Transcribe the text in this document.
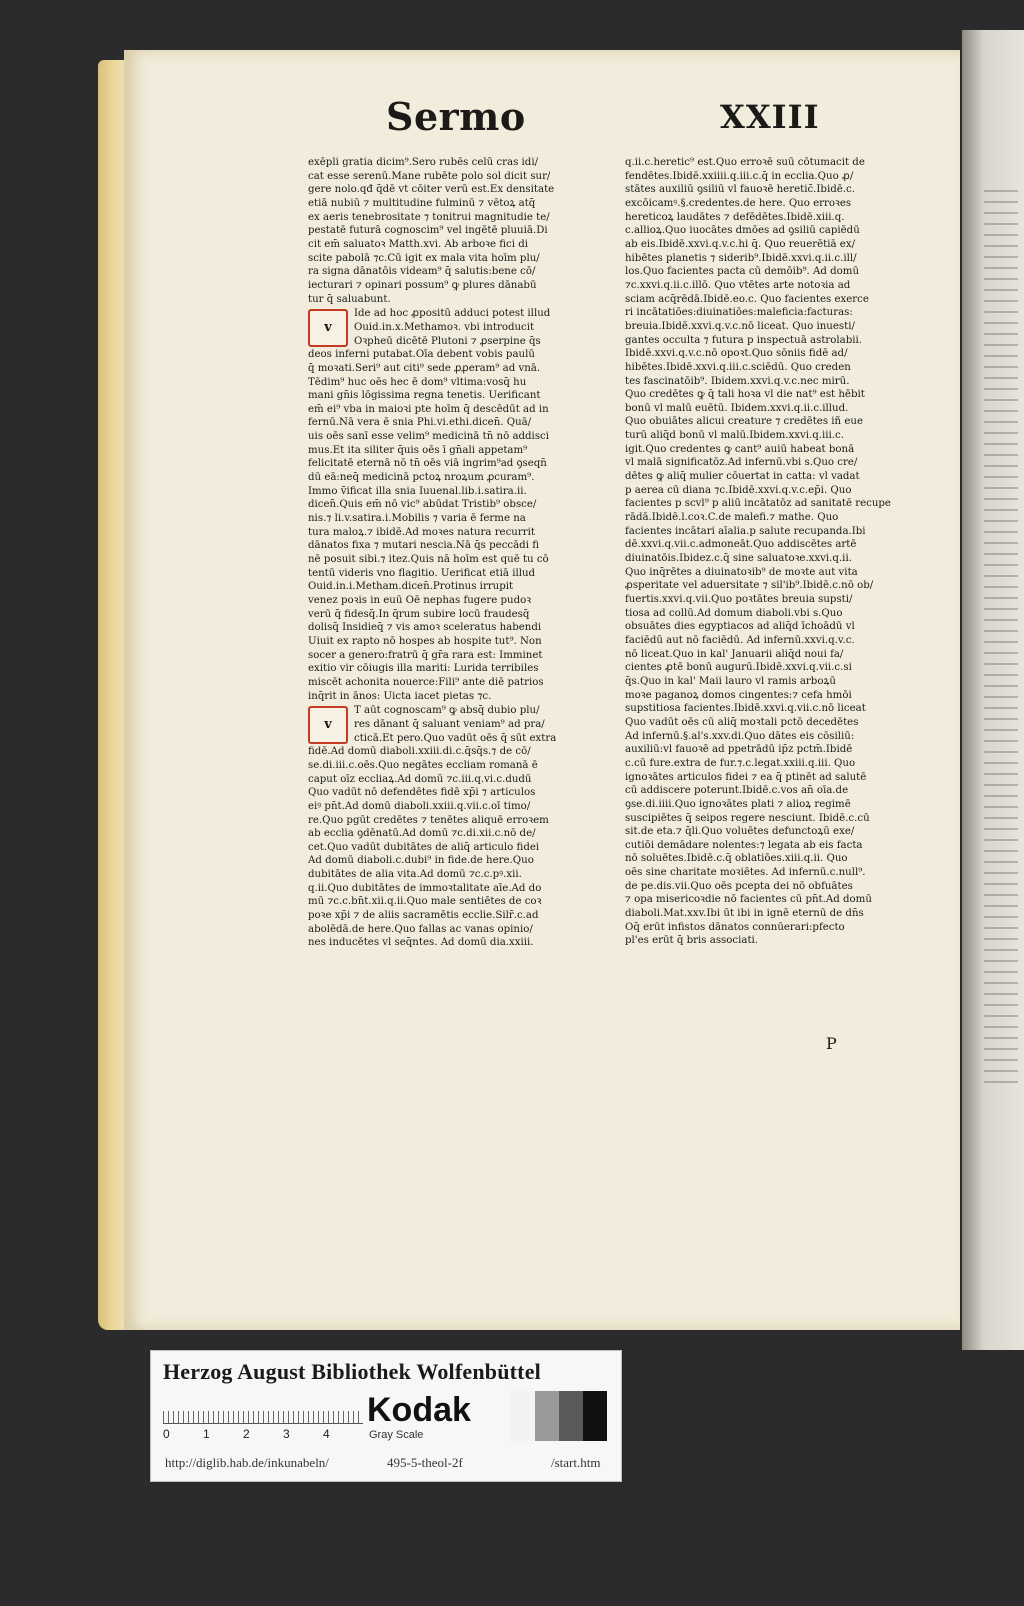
Sermo	XXIII
exēpli gratia dicim⁹.Sero rubēs celū cras idi/
cat esse serenū.Mane rubēte polo sol dicit sur/
gere nolo.qđ q̄dē vt cōiter verū est.Ex densitate
etiā nubiū ⁊ multitudine fulminū ⁊ vētoꝝ atq̄
ex aeris tenebrositate ⁊ tonitrui magnitudie te/
pestatē futurā cognoscim⁹ vel ingētē pluuiā.Di
cit em̄ saluatoꝛ Matth.xvi. Ab arboꝛe fici di
scite pabolā ⁊c.Cū igit ex mala vita hoīm plu/
ra signa dānatōis videam⁹ q̄ salutis:bene cō/
iecturari ⁊ opinari possum⁹ ꝙ plures dānabū
tur q̄ saluabunt.
v
Ide ad hoc ꝓpositū adduci potest illud
Ouid.in.x.Methamoꝛ. vbi introducit
Oꝛpheū dicētē Plutoni ⁊ ꝓserpine q̄s
deos inferni putabat.Oīa debent vobis paulū
q̄ moꝛati.Seri⁹ aut citi⁹ sede ꝓꝓeram⁹ ad vnā.
Tēdim⁹ huc oēs hec ē dom⁹ vltima:vosq̄ hu
mani gn̄is lōgissima regna tenetis. Uerificant
em̄ ei⁹ vba in maioꝛi pte hoīm q̄ descēdūt ad in
fernū.Nā vera ē snia Phi.vi.ethi.dicen̄. Quā/
uis oēs sanī esse velim⁹ medicinā tn̄ nō addisci
mus.Et ita siliter q̄uis oēs ī gn̄ali appetam⁹
felicitatē eternā nō tn̄ oēs viā ingrim⁹ad ꝯseqn̄
dū eā:neq̄ medicinā pctoꝝ nroꝝum ꝓcuram⁹.
Immo v̄ificat illa snia Iuuenal.lib.i.satira.ii.
dicen̄.Quis em̄ nō vic⁹ abūdat Tristib⁹ obsce/
nis.⁊ li.v.satira.i.Mobilis ⁊ varia ē ferme na
tura maloꝝ.⁊ ibidē.Ad moꝛes natura recurrit
dānatos fixa ⁊ mutari nescia.Nā q̄s peccādi fi
nē posuit sibi.⁊ itez.Quis nā hoīm est quē tu cō
tentū videris vno flagitio. Uerificat etiā illud
Ouid.in.i.Metham.dicen̄.Protinus irrupit
venez poꝛis in euū Oē nephas fugere pudoꝛ
verū q̄ fidesq̄.In q̄rum subire locū fraudesq̄
dolisq̄ Insidieq̄ ⁊ vis amoꝛ sceleratus habendi
Uiuit ex rapto nō hospes ab hospite tut⁹. Non
socer a genero:fratrū q̄ gr̄a rara est: Imminet
exitio vir cōiugis illa mariti: Lurida terribiles
miscēt achonita nouerce:Fili⁹ ante diē patrios
inq̄rit in ānos: Uicta iacet pietas ⁊c.
v
T aūt cognoscam⁹ ꝙ absq̄ dubio plu/
res dānant q̄ saluant veniam⁹ ad pra/
cticā.Et pero.Quo vadūt oēs q̄ sūt extra
fidē.Ad domū diaboli.xxiii.di.c.q̄sq̄s.⁊ de cō/
se.di.iii.c.oēs.Quo negātes eccl̄iam romanā ē
caput oīz eccl̄iaꝝ.Ad domū ⁊c.iii.q.vi.c.dudū
Quo vadūt nō defendētes fidē xp̄i ⁊ articulos
eiꝰ pn̄t.Ad domū diaboli.xxiii.q.vii.c.oī timo/
re.Quo pgūt credētes ⁊ tenētes aliquē erroꝛem
ab eccl̄ia ꝯdēnatū.Ad domū ⁊c.di.xii.c.nō de/
cet.Quo vadūt dubitātes de aliq̄ articulo fidei
Ad domū diaboli.c.dubi⁹ in fide.de here.Quo
dubitātes de alia vita.Ad domū ⁊c.c.pꝰ.xii.
q.ii.Quo dubitātes de immoꝛtalitate aīe.Ad do
mū ⁊c.c.bn̄t.xii.q.ii.Quo male sentiētes de coꝛ
poꝛe xp̄i ⁊ de aliis sacramētis eccl̄ie.Silr̄.c.ad
abolēdā.de here.Quo fallas ac vanas opinio/
nes inducētes vl̄ seq̄ntes. Ad domū dia.xxiii.
q.ii.c.heretic⁹ est.Quo erroꝛē suū cōtumacit de
fendētes.Ibidē.xxiiii.q.iii.c.q̄ in eccl̄ia.Quo ꝓ/
stātes auxiliū ꝯsiliū vl̄ fauoꝛē heretic̄.Ibidē.c.
excōicamꝰ.§.credentes.de here. Quo erroꝛes
hereticoꝝ laudātes ⁊ defēdētes.Ibidē.xiii.q.
c.allioꝝ.Quo iuocātes dmōes ad ꝯsiliū capiēdū
ab eis.Ibidē.xxvi.q.v.c.hi q̄. Quo reuerētiā ex/
hibētes planetis ⁊ siderib⁹.Ibidē.xxvi.q.ii.c.ill/
los.Quo facientes pacta cū demōib⁹. Ad domū
⁊c.xxvi.q.ii.c.illō. Quo vtētes arte notoꝛia ad
sciam acq̄rēdā.Ibidē.eo.c. Quo facientes exerce
ri incātatiōes:diuinatiōes:maleficia:facturas:
breuia.Ibidē.xxvi.q.v.c.nō liceat. Quo inuesti/
gantes occulta ⁊ futura p inspectuā astrolabii.
Ibidē.xxvi.q.v.c.nō opoꝛt.Quo sōniis fidē ad/
hibētes.Ibidē.xxvi.q.iii.c.sciēdū. Quo creden
tes fascinatōib⁹. Ibidem.xxvi.q.v.c.nec mirū.
Quo credētes ꝙ q̄ tali hoꝛa vl̄ die nat⁹ est hēbit
bonū vl̄ malū euētū. Ibidem.xxvi.q.ii.c.illud.
Quo obuiātes alicui creature ⁊ credētes iñ eue
turū aliq̄d bonū vl̄ malū.Ibidem.xxvi.q.iii.c.
igit.Quo credentes ꝙ cant⁹ auiū habeat bonā
vl̄ malā significatōz.Ad infernū.vbi s.Quo cre/
dētes ꝙ aliq̄ mulier cōuertat in catta: vl̄ vadat
p aerea cū diana ⁊c.Ibidē.xxvi.q.v.c.ep̄i. Quo
facientes p scvl⁹ p aliū incātatōz ad sanitatē recupe
rādā.Ibidē.l.coꝛ.C.de malefi.⁊ mathe. Quo
facientes incātari aīalia.p salute recupanda.Ibi
dē.xxvi.q.vii.c.admoneāt.Quo addiscētes artē
diuinatōis.Ibidez.c.q̄ sine saluatoꝛe.xxvi.q.ii.
Quo inq̄rētes a diuinatoꝛib⁹ de moꝛte aut vita
ꝓsperitate vel aduersitate ⁊ sil'ib⁹.Ibidē.c.nō ob/
fuertis.xxvi.q.vii.Quo poꝛtātes breuia supsti/
tiosa ad collū.Ad domum diaboli.vbi s.Quo
obsuātes dies egyptiacos ad aliq̄d īchoādū vl̄
faciēdū aut nō faciēdū. Ad infernū.xxvi.q.v.c.
nō liceat.Quo in kal' Januarii aliq̄d noui fa/
cientes ꝓtē bonū augurū.Ibidē.xxvi.q.vii.c.si
q̄s.Quo in kal' Maii lauro vl̄ ramis arboꝝū
moꝛe paganoꝝ domos cingentes:⁊ cefa hmōi
supstitiosa facientes.Ibidē.xxvi.q.vii.c.nō liceat
Quo vadūt oēs cū aliq̄ moꝛtali pctō decedētes
Ad infernū.§.al's.xxv.di.Quo dātes eis cōsiliū:
auxiliū:vl̄ fauoꝛē ad ppetrādū ip̄z pctm̄.Ibidē
c.cū fure.extra de fur.⁊.c.legat.xxiii.q.iii. Quo
ignoꝛātes articulos fidei ⁊ ea q̄ ptinēt ad salutē
cū addiscere poterunt.Ibidē.c.vos an̄ oīa.de
ꝯse.di.iiii.Quo ignoꝛātes plati ⁊ alioꝝ regimē
suscipiētes q̄ seipos regere nesciunt. Ibidē.c.cū
sit.de eta.⁊ q̄li.Quo voluētes defunctoꝝū exe/
cutiōi demādare nolentes:⁊ legata ab eis facta
nō soluētes.Ibidē.c.q̄ oblatiōes.xiii.q.ii. Quo
oēs sine charitate moꝛiētes. Ad infernū.c.null⁹.
de pe.dis.vii.Quo oēs pcepta dei nō obfuātes
⁊ opa misericoꝛdie nō facientes cū pn̄t.Ad domū
diaboli.Mat.xxv.Ibi ūt ibi in ignē eternū de dn̄s
Oq̄ erūt infistos dānatos connūerari:pfecto
pl'es erūt q̄ bris associati.
P
Herzog August Bibliothek Wolfenbüttel
0	1	2	3	4
Kodak
Gray Scale
http://diglib.hab.de/inkunabeln/	495-5-theol-2f	/start.htm
